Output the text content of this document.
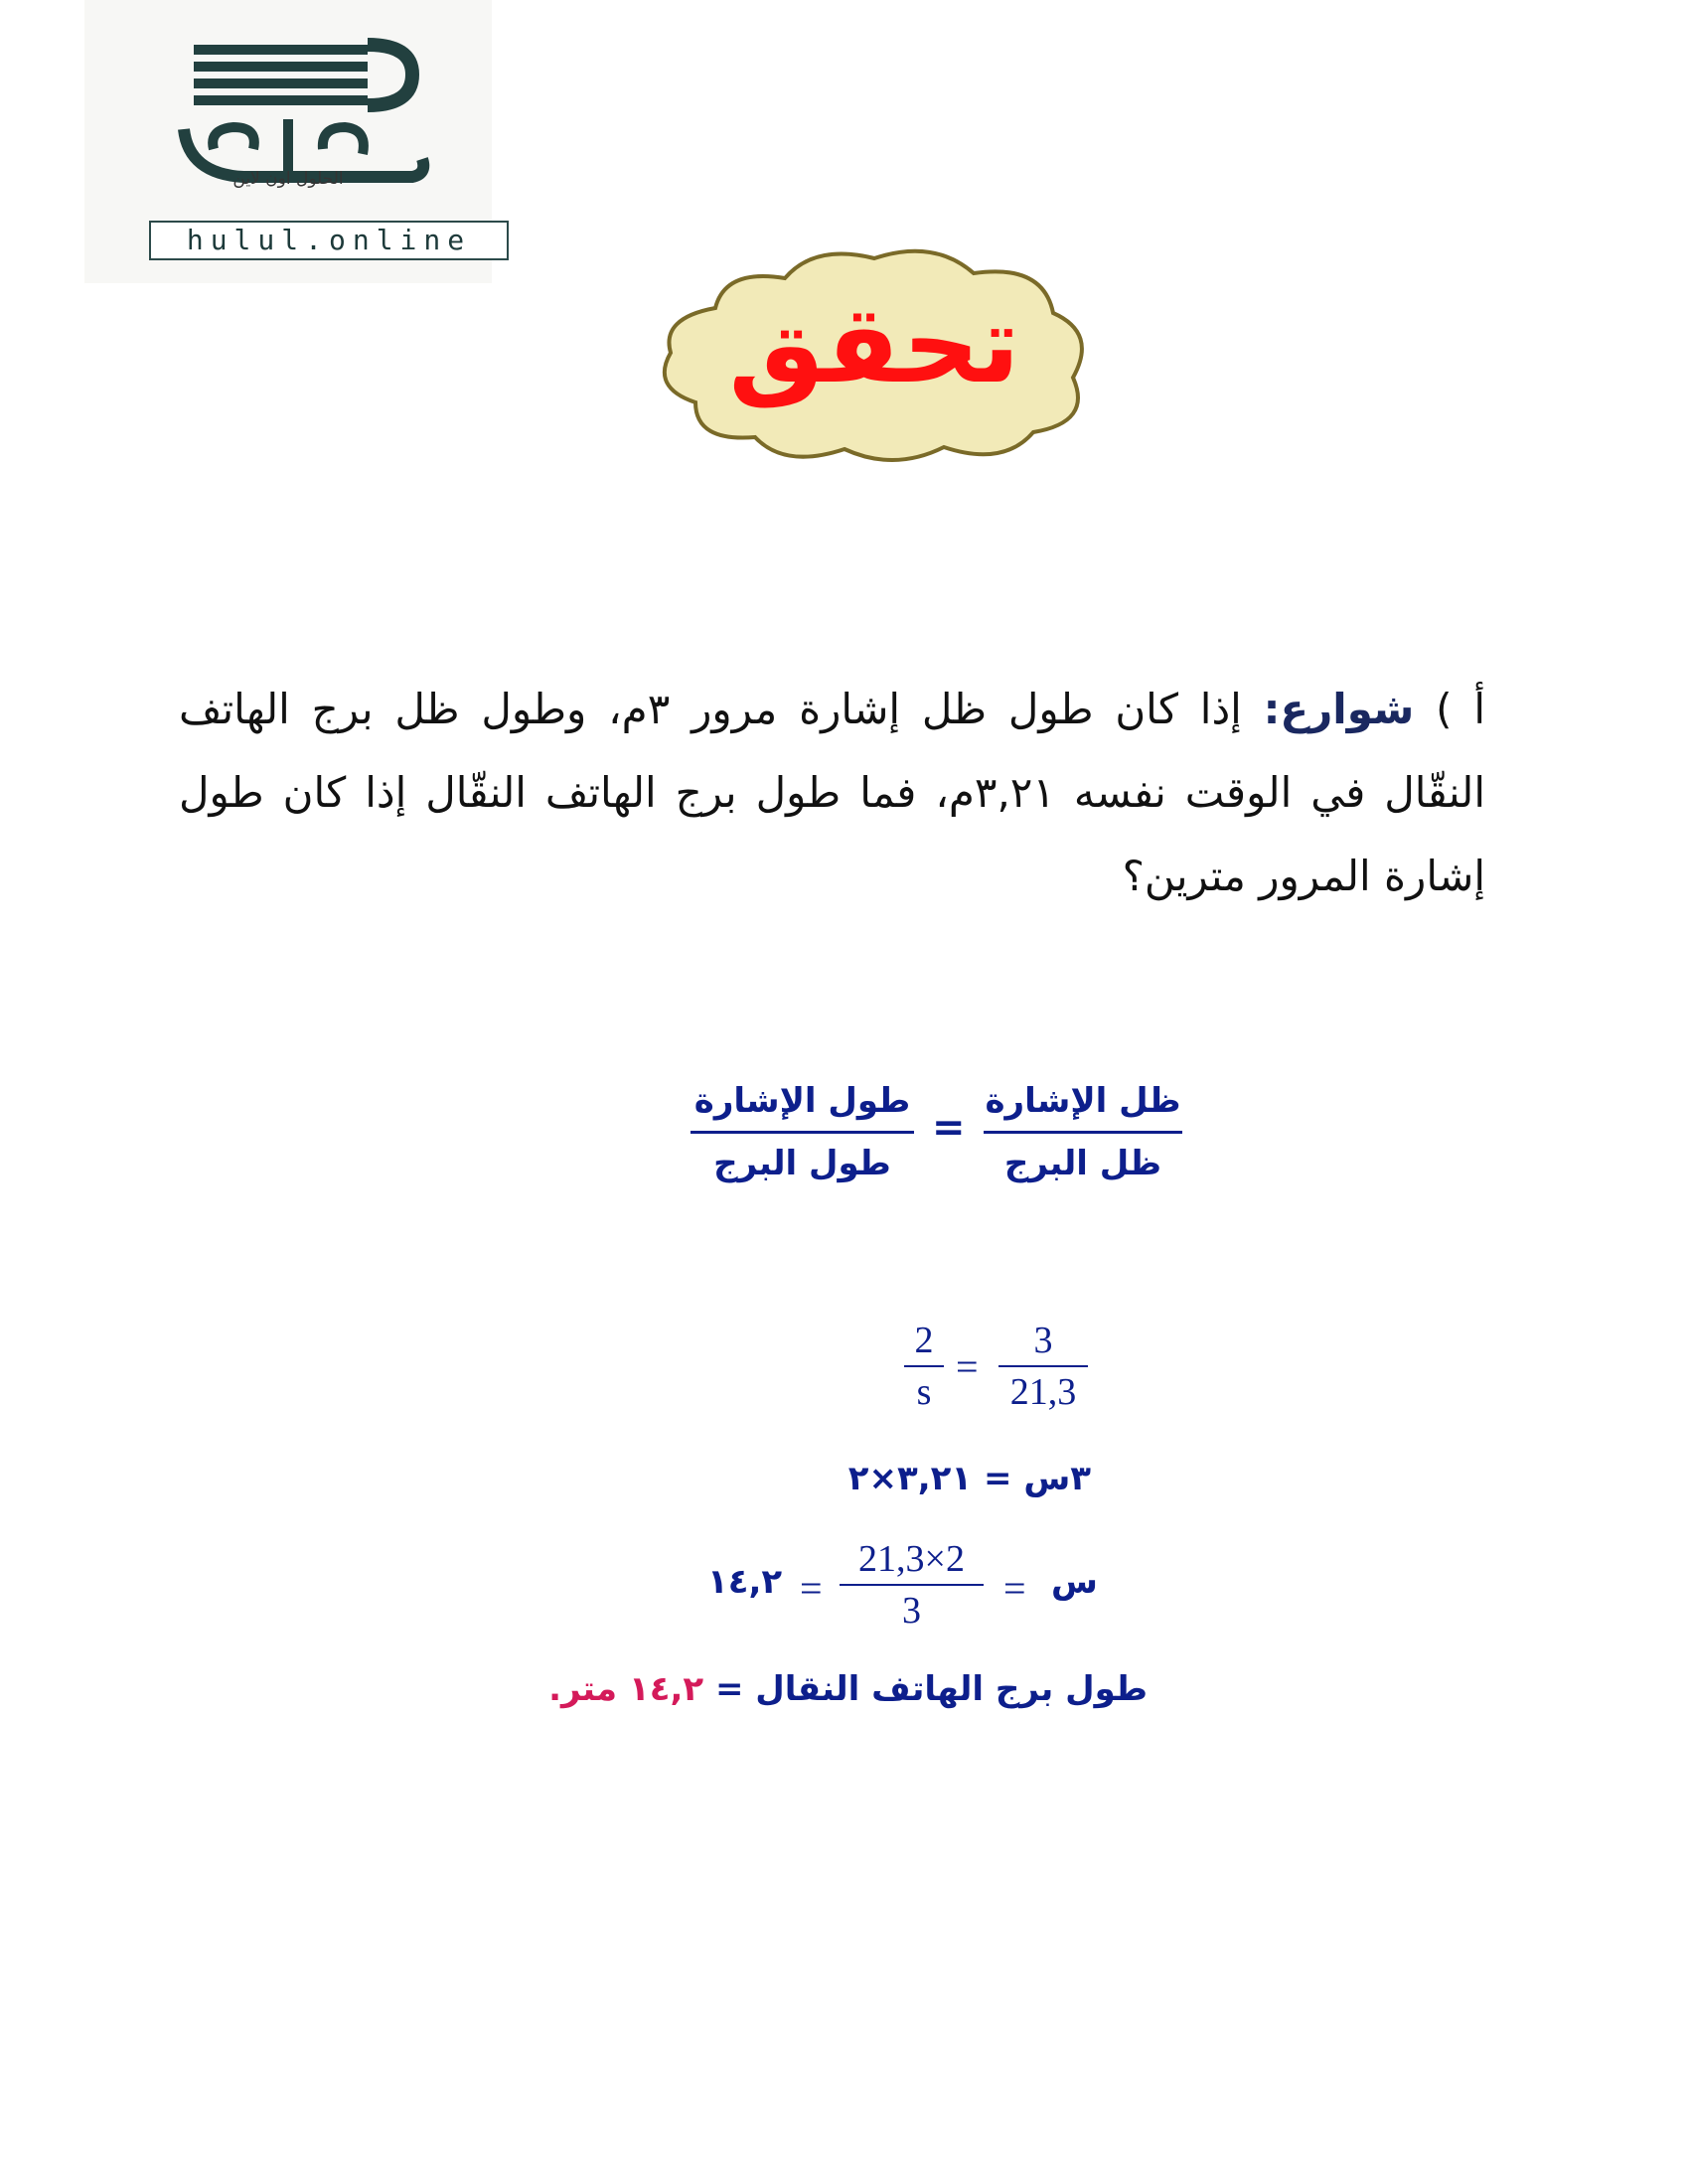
الحلول اون لاين
hulul.online
تحقق
أ ) شوارع: إذا كان طول ظل إشارة مرور ٣م، وطول ظل برج الهاتف النقّال في الوقت نفسه ٣,٢١م، فما طول برج الهاتف النقّال إذا كان طول إشارة المرور مترين؟
ظل الإشارة
ظل البرج
=
طول الإشارة
طول البرج
3
21,3
=
2
s
٣س = ٣,٢١×٢
س
=
21,3×2
3
=
١٤,٢
طول برج الهاتف النقال = ١٤,٢ متر.
